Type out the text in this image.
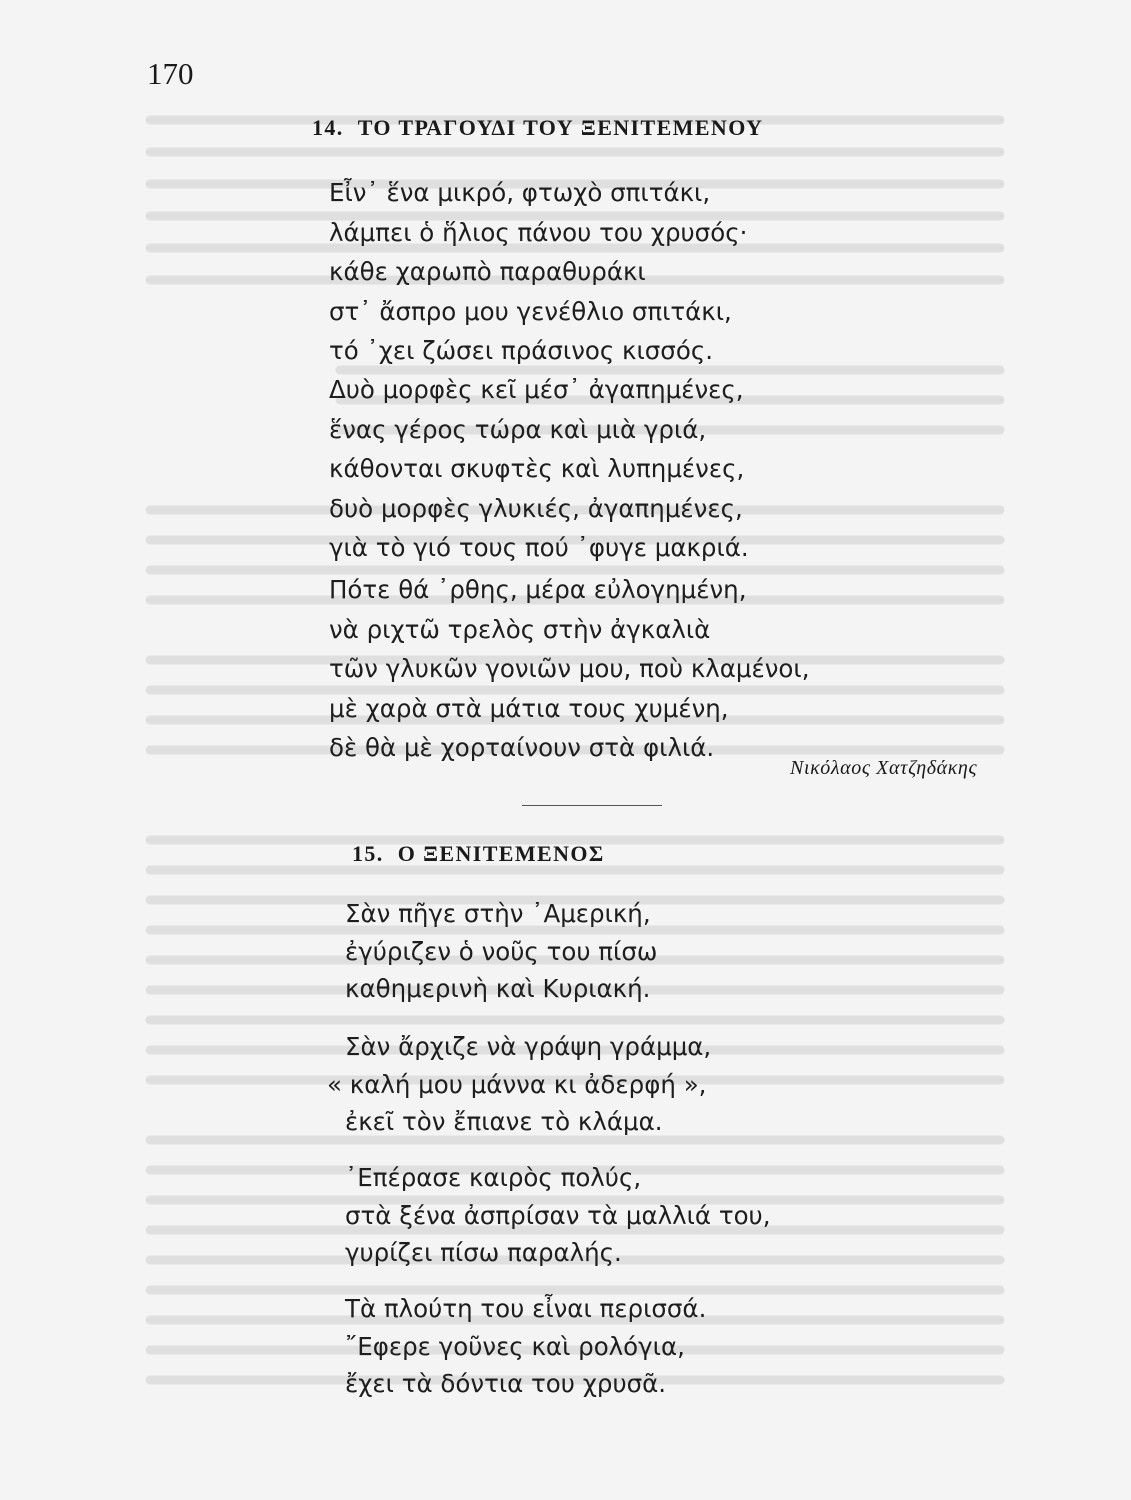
170
14. ΤΟ ΤΡΑΓΟΥΔΙ ΤΟΥ ΞΕΝΙΤΕΜΕΝΟΥ
Εἶν᾽ ἕνα μικρό, φτωχὸ σπιτάκι,
λάμπει ὁ ἥλιος πάνου του χρυσός·
κάθε χαρωπὸ παραθυράκι
στ᾽ ἄσπρο μου γενέθλιο σπιτάκι,
τό ᾽χει ζώσει πράσινος κισσός.
Δυὸ μορφὲς κεῖ μέσ᾽ ἀγαπημένες,
ἕνας γέρος τώρα καὶ μιὰ γριά,
κάθονται σκυφτὲς καὶ λυπημένες,
δυὸ μορφὲς γλυκιές, ἀγαπημένες,
γιὰ τὸ γιό τους πού ᾽φυγε μακριά.
Πότε θά ᾽ρθης, μέρα εὐλογημένη,
νὰ ριχτῶ τρελὸς στὴν ἀγκαλιὰ
τῶν γλυκῶν γονιῶν μου, ποὺ κλαμένοι,
μὲ χαρὰ στὰ μάτια τους χυμένη,
δὲ θὰ μὲ χορταίνουν στὰ φιλιά.
Νικόλαος Χατζηδάκης
15. Ο ΞΕΝΙΤΕΜΕΝΟΣ
Σὰν πῆγε στὴν ᾽Αμερική,
ἐγύριζεν ὁ νοῦς του πίσω
καθημερινὴ καὶ Κυριακή.
Σὰν ἄρχιζε νὰ γράψη γράμμα,
« καλή μου μάννα κι ἀδερφή »,
ἐκεῖ τὸν ἔπιανε τὸ κλάμα.
᾽Επέρασε καιρὸς πολύς,
στὰ ξένα ἀσπρίσαν τὰ μαλλιά του,
γυρίζει πίσω παραλής.
Τὰ πλούτη του εἶναι περισσά.
῎Εφερε γοῦνες καὶ ρολόγια,
ἔχει τὰ δόντια του χρυσᾶ.
